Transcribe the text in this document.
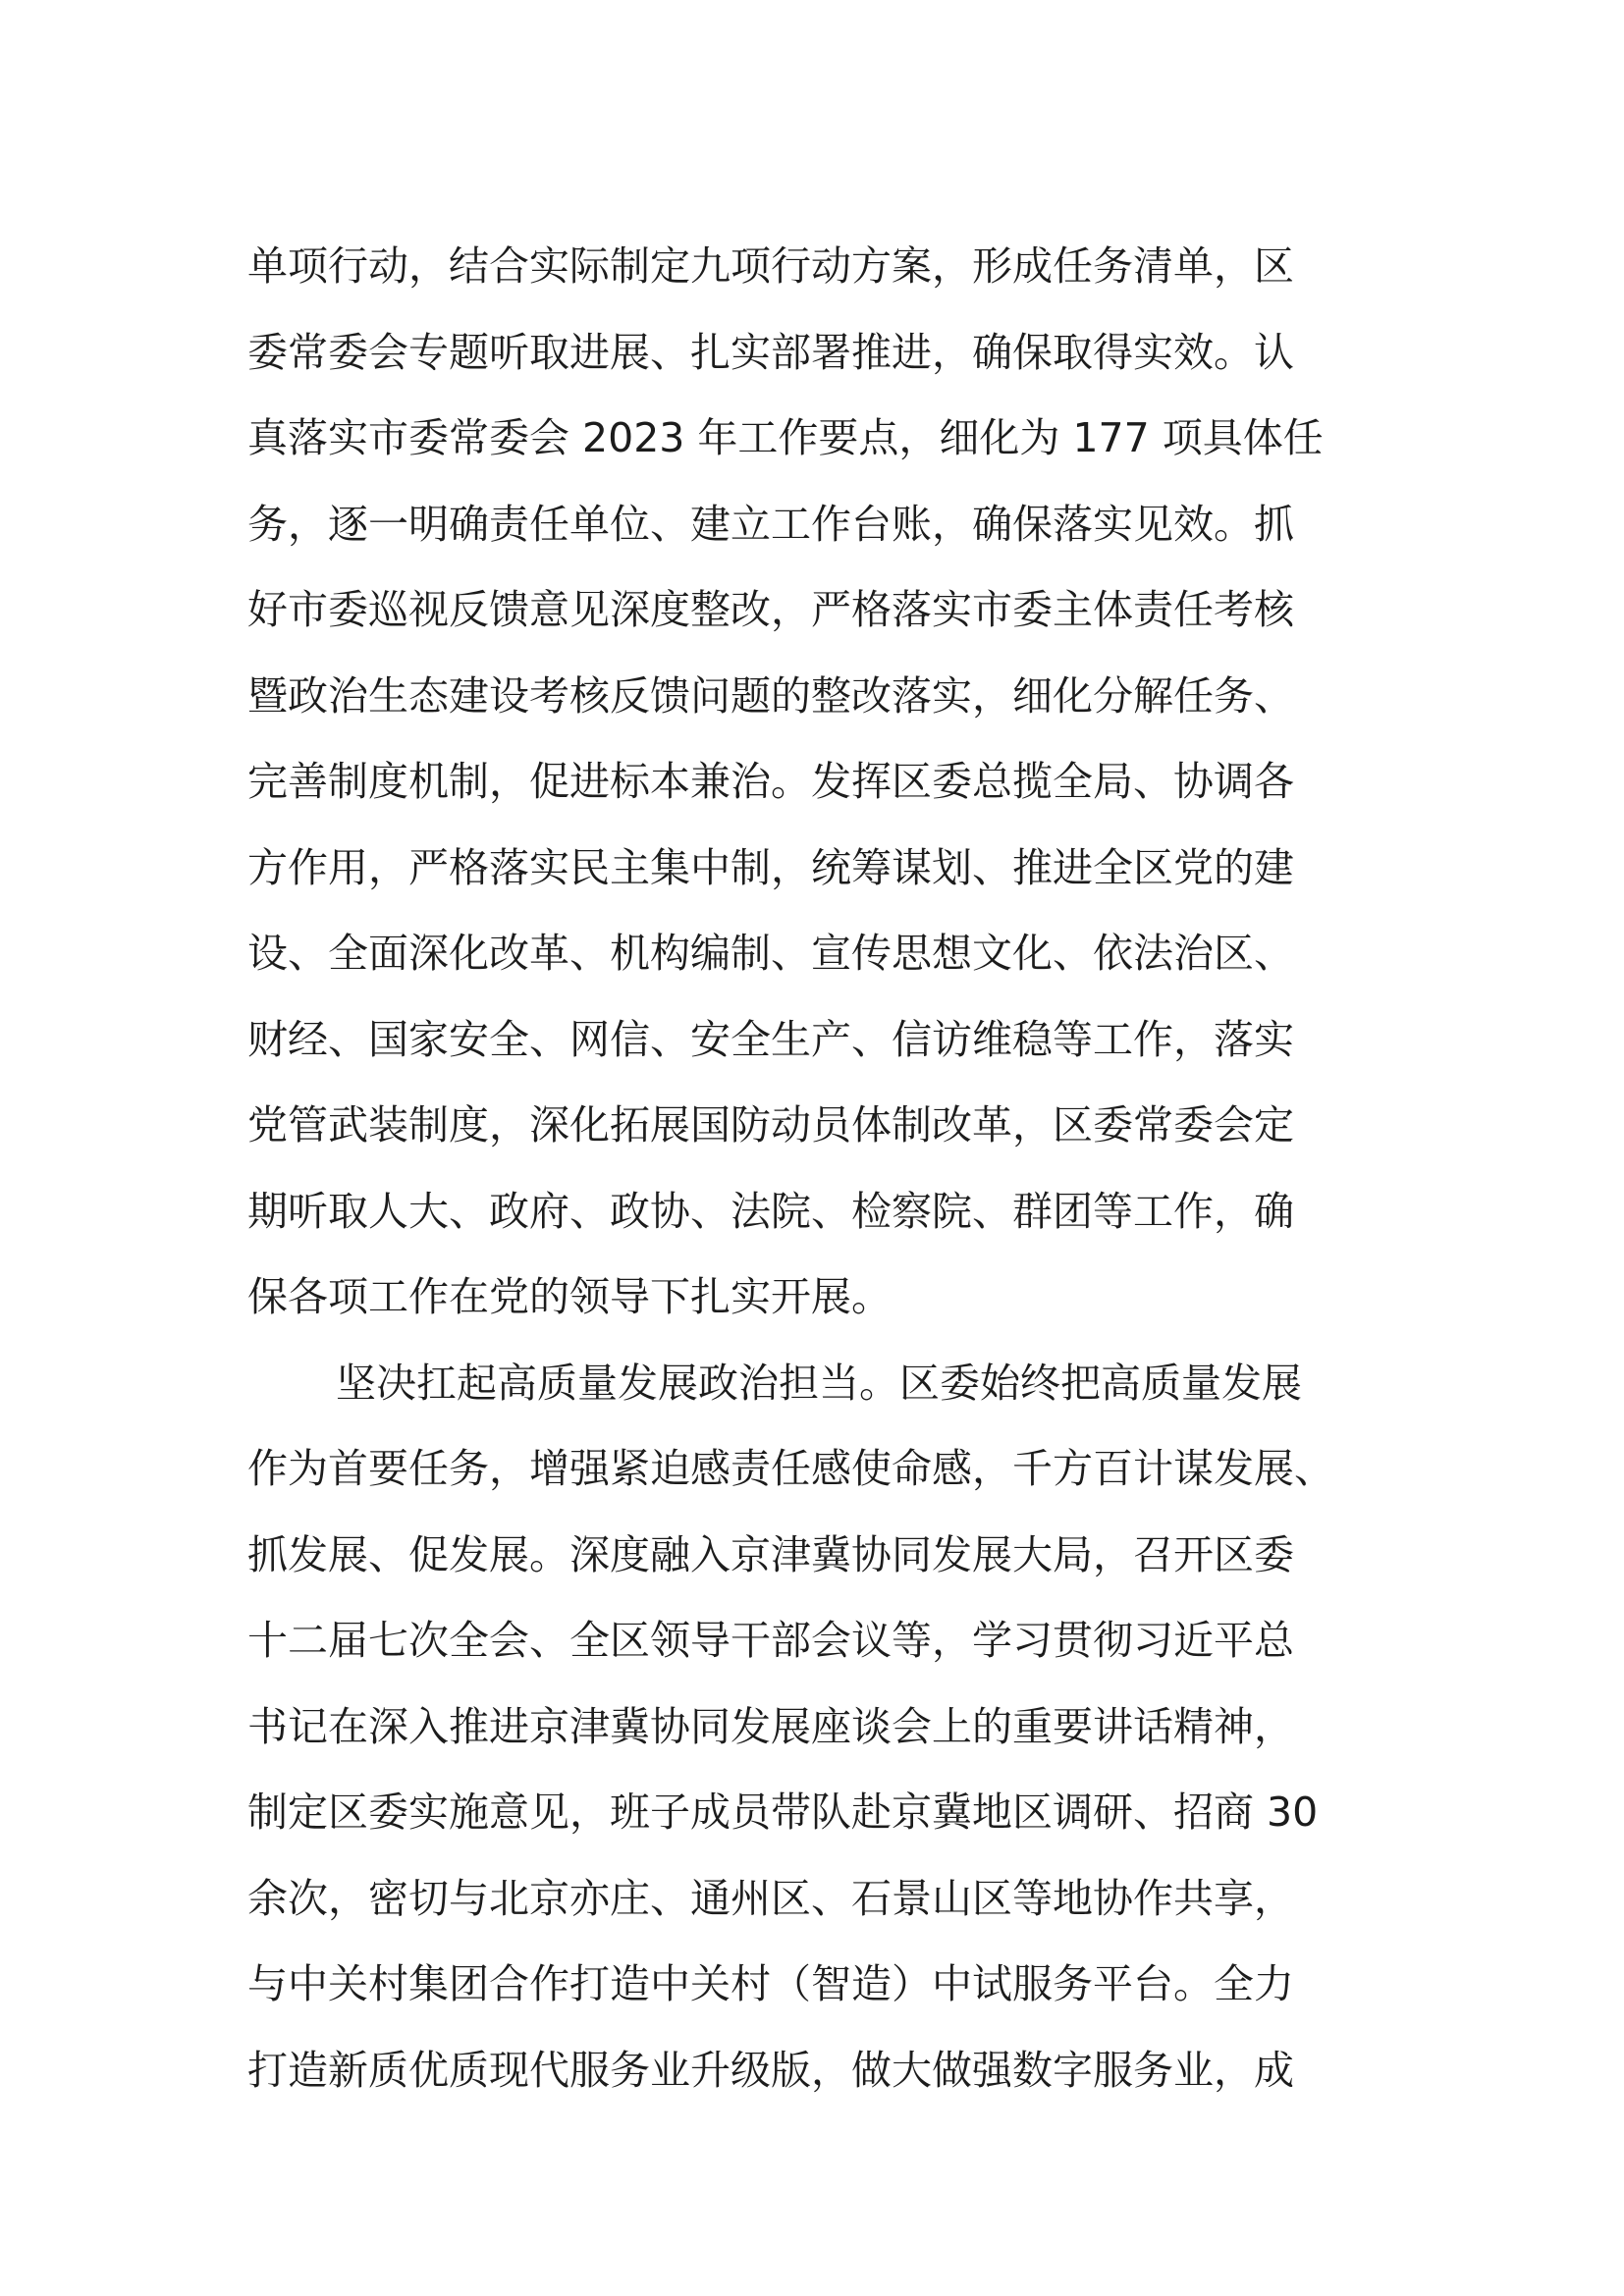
单项行动，结合实际制定九项行动方案，形成任务清单，区
委常委会专题听取进展、扎实部署推进，确保取得实效。认
真落实市委常委会 2023 年工作要点，细化为 177 项具体任
务，逐一明确责任单位、建立工作台账，确保落实见效。抓
好市委巡视反馈意见深度整改，严格落实市委主体责任考核
暨政治生态建设考核反馈问题的整改落实，细化分解任务、
完善制度机制，促进标本兼治。发挥区委总揽全局、协调各
方作用，严格落实民主集中制，统筹谋划、推进全区党的建
设、全面深化改革、机构编制、宣传思想文化、依法治区、
财经、国家安全、网信、安全生产、信访维稳等工作，落实
党管武装制度，深化拓展国防动员体制改革，区委常委会定
期听取人大、政府、政协、法院、检察院、群团等工作，确
保各项工作在党的领导下扎实开展。
坚决扛起高质量发展政治担当。区委始终把高质量发展
作为首要任务，增强紧迫感责任感使命感，千方百计谋发展、
抓发展、促发展。深度融入京津冀协同发展大局，召开区委
十二届七次全会、全区领导干部会议等，学习贯彻习近平总
书记在深入推进京津冀协同发展座谈会上的重要讲话精神，
制定区委实施意见，班子成员带队赴京冀地区调研、招商 30
余次，密切与北京亦庄、通州区、石景山区等地协作共享，
与中关村集团合作打造中关村（智造）中试服务平台。全力
打造新质优质现代服务业升级版，做大做强数字服务业，成
